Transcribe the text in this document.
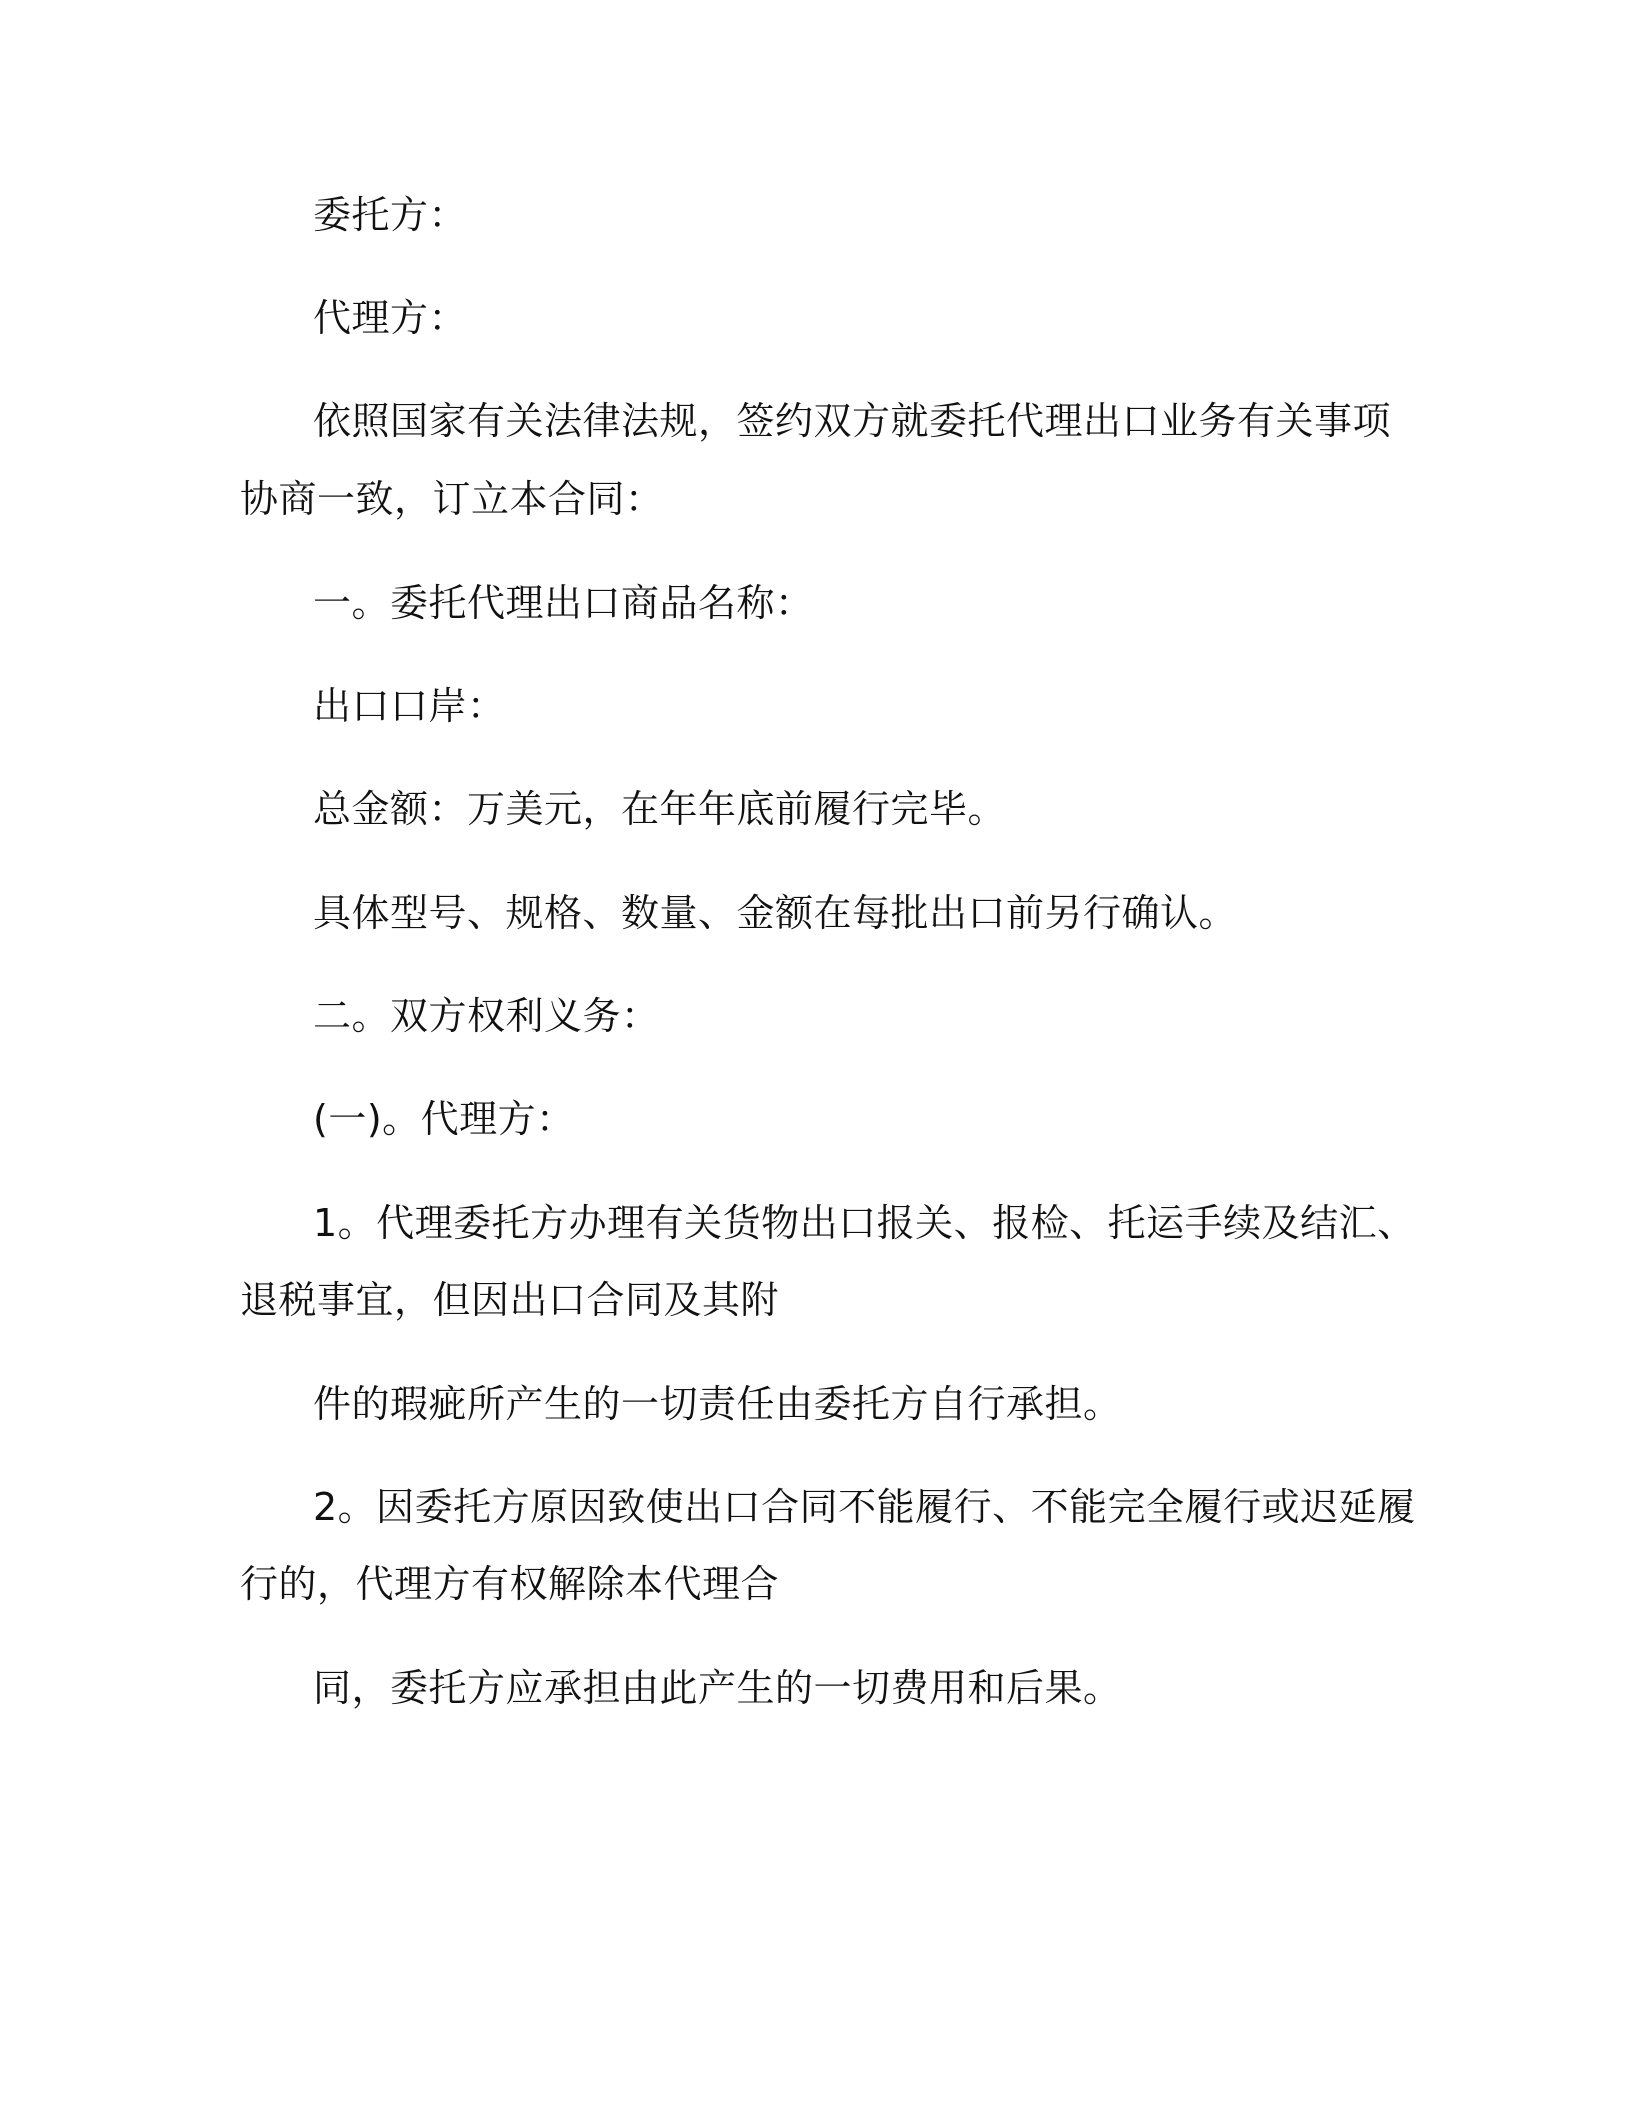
委托方：
代理方：
依照国家有关法律法规，签约双方就委托代理出口业务有关事项
协商一致，订立本合同：
一。委托代理出口商品名称：
出口口岸：
总金额：万美元，在年年底前履行完毕。
具体型号、规格、数量、金额在每批出口前另行确认。
二。双方权利义务：
(一)。代理方：
1。代理委托方办理有关货物出口报关、报检、托运手续及结汇、
退税事宜，但因出口合同及其附
件的瑕疵所产生的一切责任由委托方自行承担。
2。因委托方原因致使出口合同不能履行、不能完全履行或迟延履
行的，代理方有权解除本代理合
同，委托方应承担由此产生的一切费用和后果。
